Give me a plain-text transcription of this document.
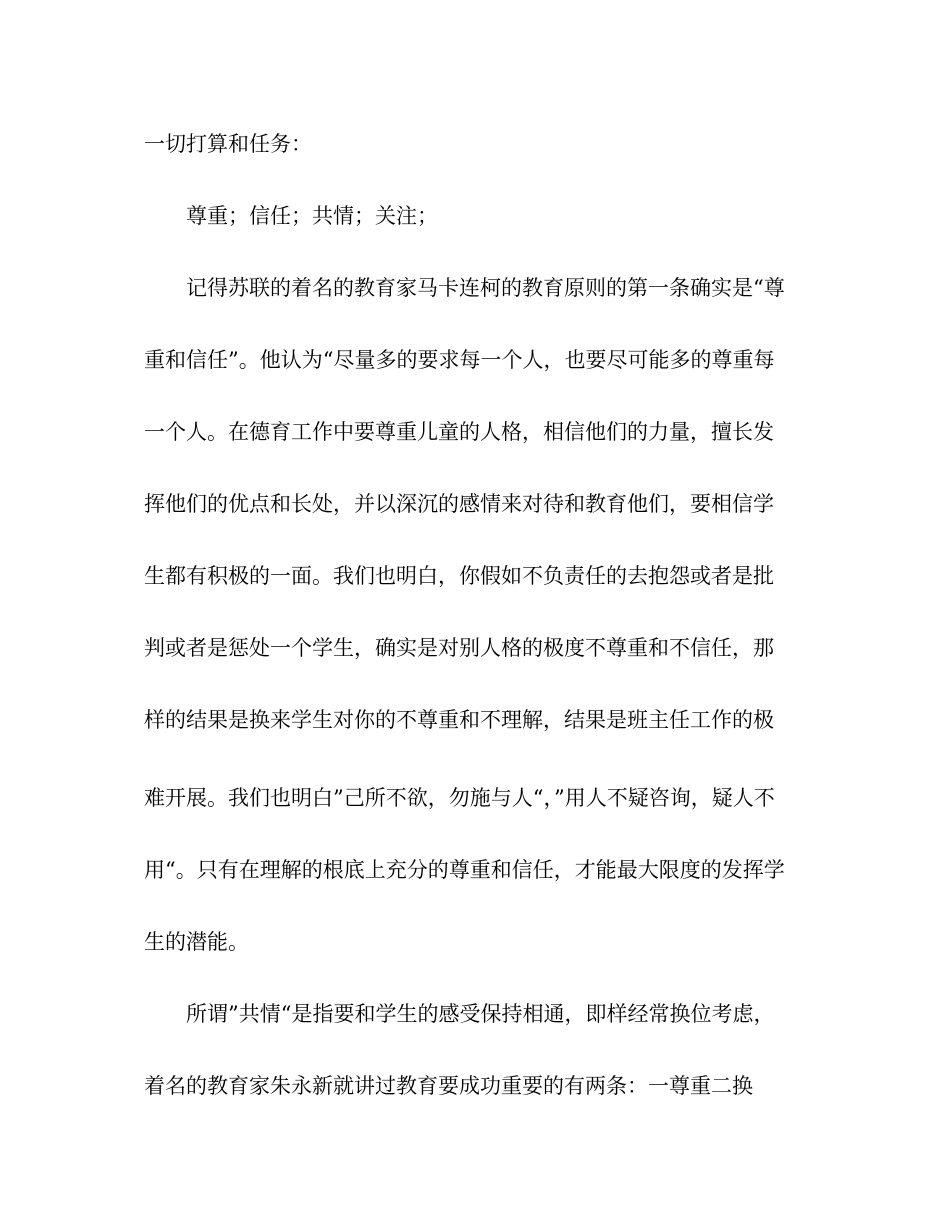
一切打算和任务：

尊重；信任；共情；关注；

记得苏联的着名的教育家马卡连柯的教育原则的第一条确实是“尊

重和信任”。他认为“尽量多的要求每一个人，也要尽可能多的尊重每

一个人。在德育工作中要尊重儿童的人格，相信他们的力量，擅长发

挥他们的优点和长处，并以深沉的感情来对待和教育他们，要相信学

生都有积极的一面。我们也明白，你假如不负责任的去抱怨或者是批

判或者是惩处一个学生，确实是对别人格的极度不尊重和不信任，那

样的结果是换来学生对你的不尊重和不理解，结果是班主任工作的极

难开展。我们也明白”己所不欲，勿施与人“，”用人不疑咨询，疑人不

用“。只有在理解的根底上充分的尊重和信任，才能最大限度的发挥学

生的潜能。

所谓”共情“是指要和学生的感受保持相通，即样经常换位考虑，

着名的教育家朱永新就讲过教育要成功重要的有两条：一尊重二换
